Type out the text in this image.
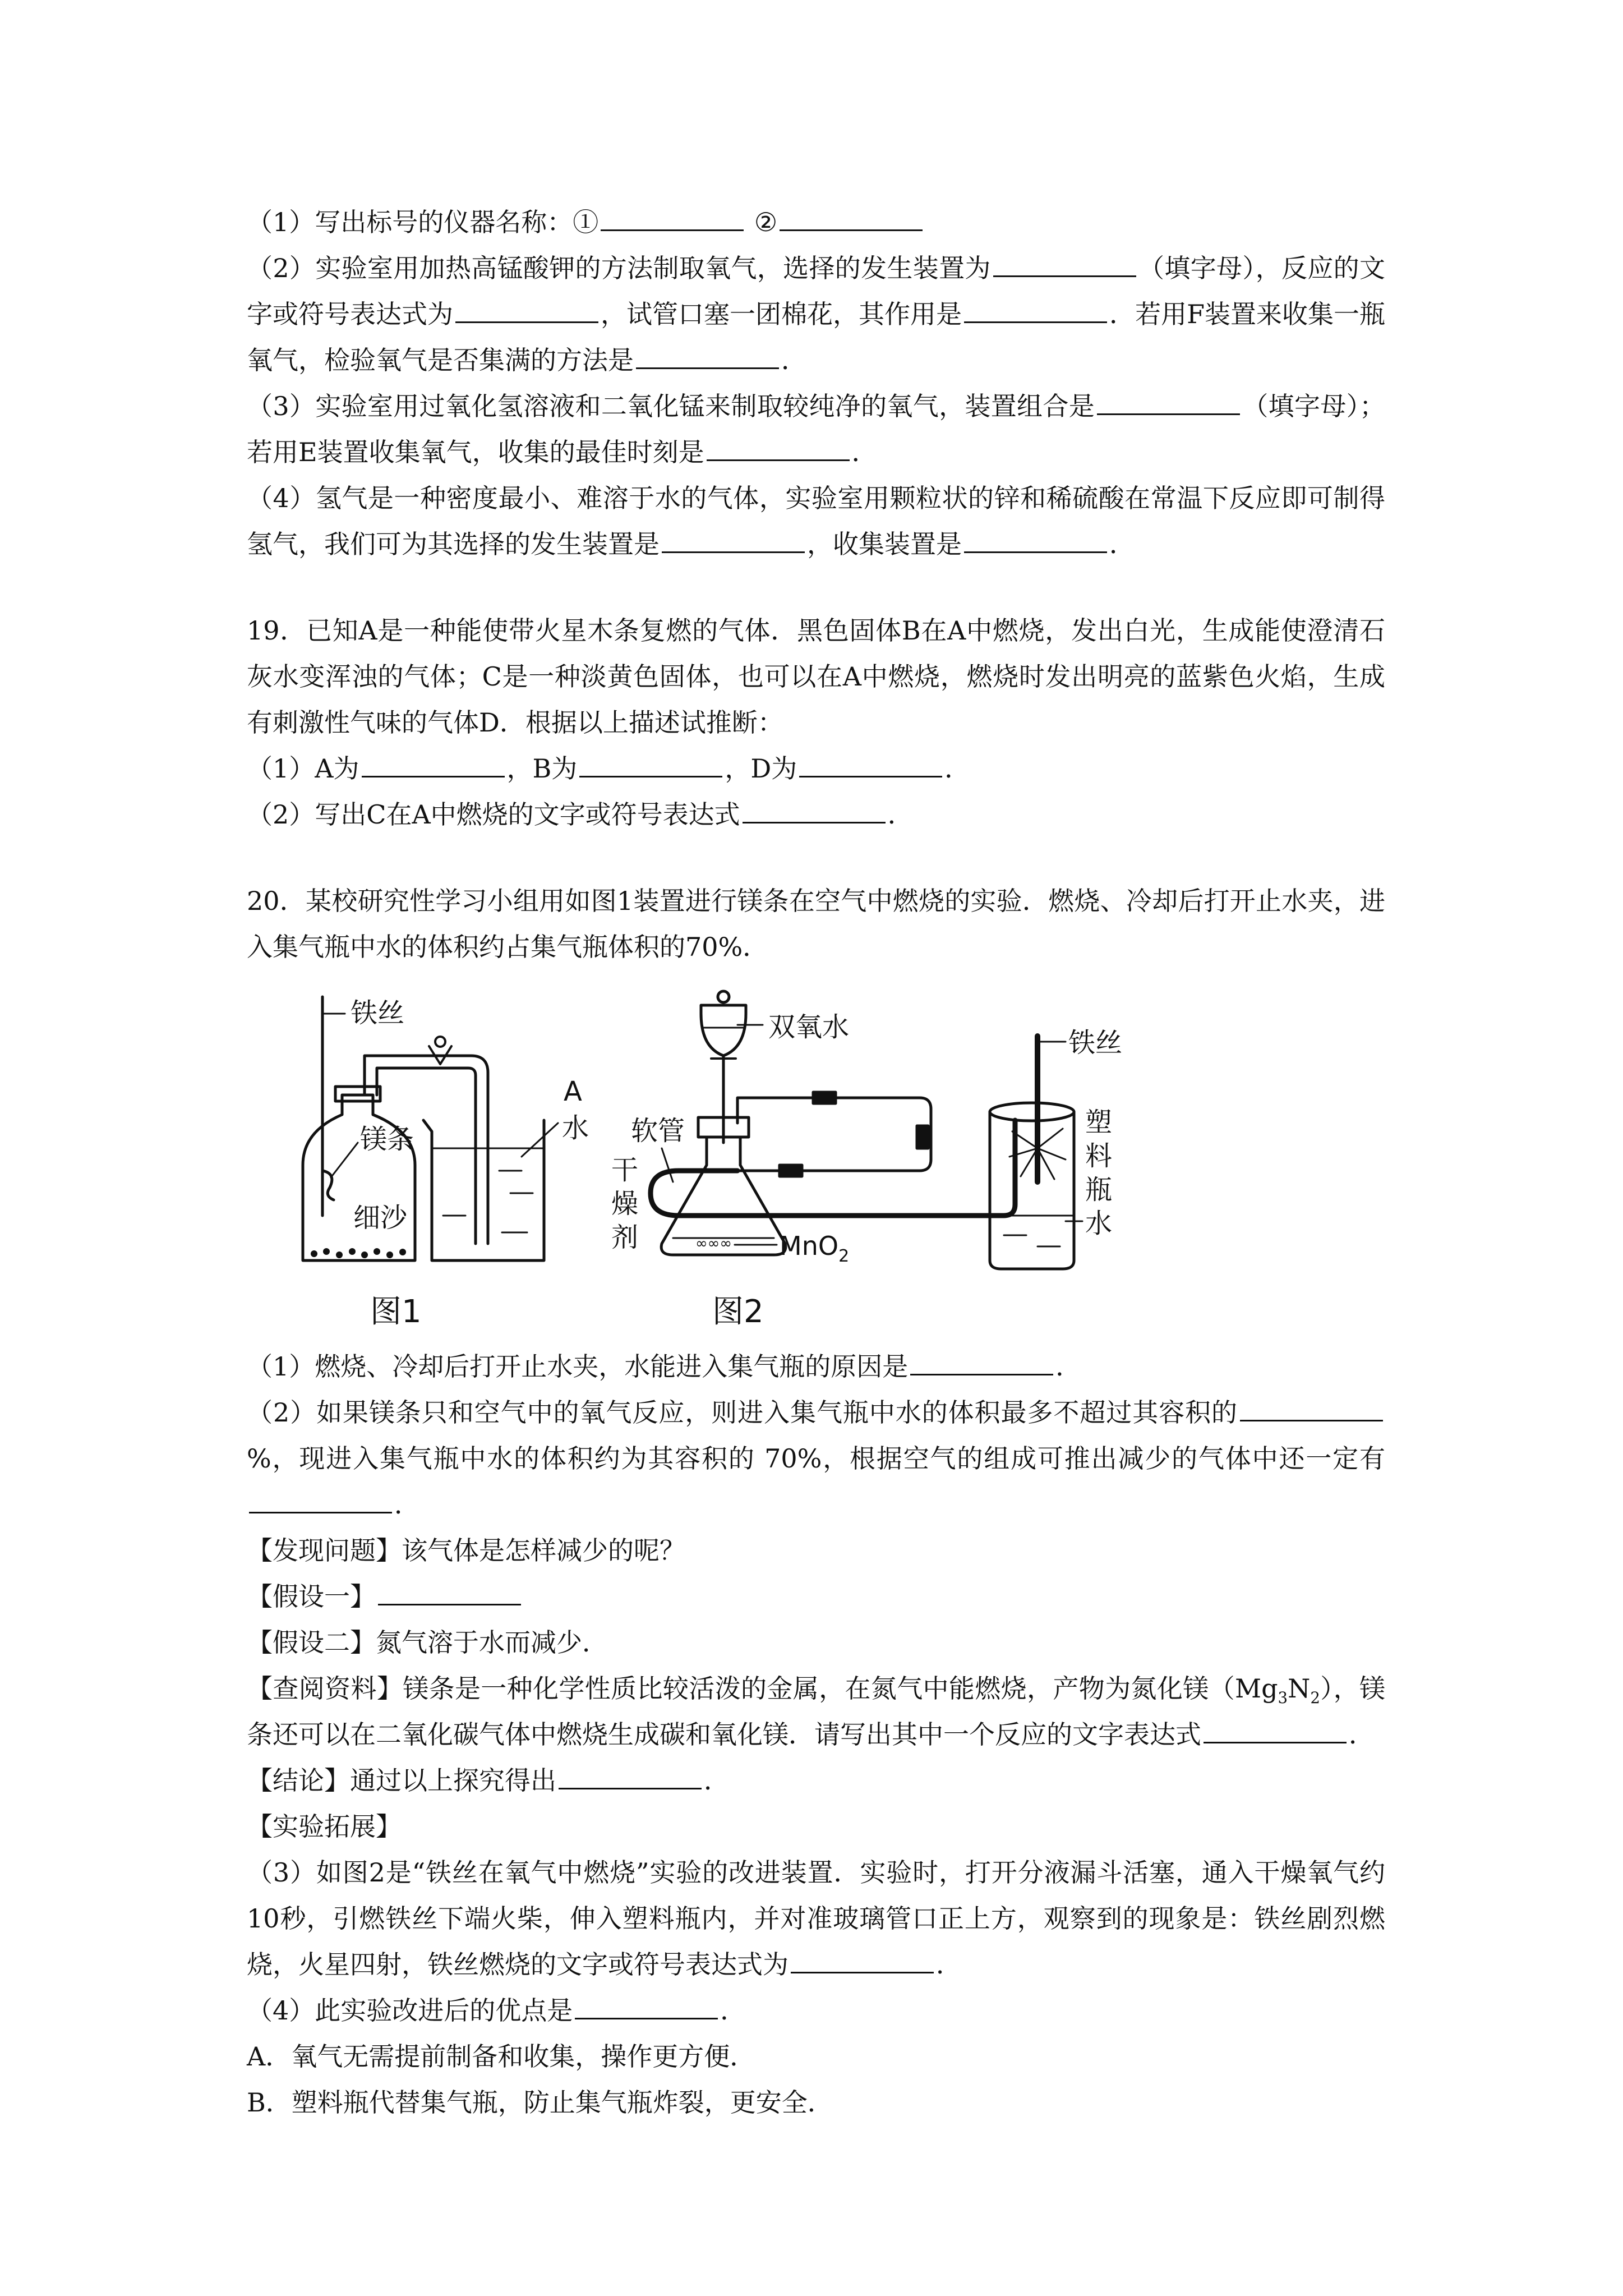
（1）写出标号的仪器名称：①	②

（2）实验室用加热高锰酸钾的方法制取氧气，选择的发生装置为	（填字母），反应的文字或符号表达式为	，试管口塞一团棉花，其作用是	．若用F装置来收集一瓶氧气，检验氧气是否集满的方法是	．

（3）实验室用过氧化氢溶液和二氧化锰来制取较纯净的氧气，装置组合是	（填字母）；若用E装置收集氧气，收集的最佳时刻是	．

（4）氢气是一种密度最小、难溶于水的气体，实验室用颗粒状的锌和稀硫酸在常温下反应即可制得氢气，我们可为其选择的发生装置是	，收集装置是	．

19．已知A是一种能使带火星木条复燃的气体．黑色固体B在A中燃烧，发出白光，生成能使澄清石灰水变浑浊的气体；C是一种淡黄色固体，也可以在A中燃烧，燃烧时发出明亮的蓝紫色火焰，生成有刺激性气味的气体D．根据以上描述试推断：

（1）A为	，B为	，D为	．

（2）写出C在A中燃烧的文字或符号表达式	．

20．某校研究性学习小组用如图1装置进行镁条在空气中燃烧的实验．燃烧、冷却后打开止水夹，进入集气瓶中水的体积约占集气瓶体积的70%．

铁丝
镁条
细沙
A
水
图1
双氧水
∞∞∞ MnO$_2$
软管
干
燥
剂
铁丝
塑
料
瓶
水
图2

（1）燃烧、冷却后打开止水夹，水能进入集气瓶的原因是	．

（2）如果镁条只和空气中的氧气反应，则进入集气瓶中水的体积最多不超过其容积的%，现进入集气瓶中水的体积约为其容积的 70%，根据空气的组成可推出减少的气体中还一定有．

【发现问题】该气体是怎样减少的呢？

【假设一】

【假设二】氮气溶于水而减少．

【查阅资料】镁条是一种化学性质比较活泼的金属，在氮气中能燃烧，产物为氮化镁$(Mg_3N_2)$，镁条还可以在二氧化碳气体中燃烧生成碳和氧化镁．请写出其中一个反应的文字表达式	．

【结论】通过以上探究得出	．

【实验拓展】

（3）如图2是“铁丝在氧气中燃烧”实验的改进装置．实验时，打开分液漏斗活塞，通入干燥氧气约10秒，引燃铁丝下端火柴，伸入塑料瓶内，并对准玻璃管口正上方，观察到的现象是：铁丝剧烈燃烧，火星四射，铁丝燃烧的文字或符号表达式为	．

（4）此实验改进后的优点是	．

A．氧气无需提前制备和收集，操作更方便．

B．塑料瓶代替集气瓶，防止集气瓶炸裂，更安全．
